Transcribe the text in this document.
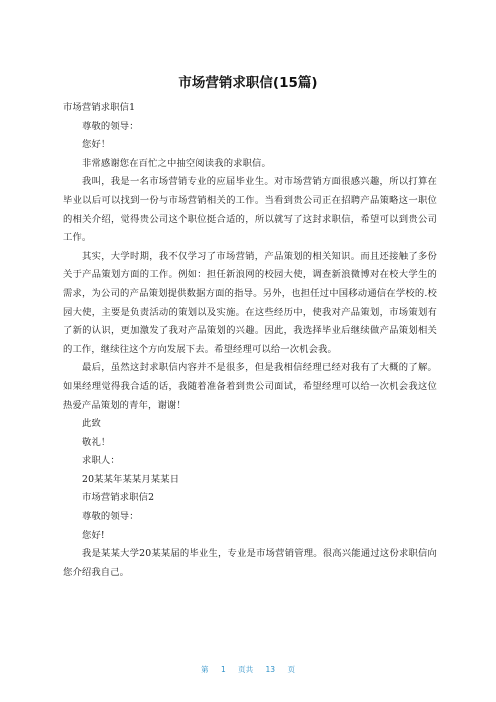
市场营销求职信(15篇)

市场营销求职信1

尊敬的领导：

您好！

非常感谢您在百忙之中抽空阅读我的求职信。

我叫，我是一名市场营销专业的应届毕业生。对市场营销方面很感兴趣，所以打算在毕业以后可以找到一份与市场营销相关的工作。当看到贵公司正在招聘产品策略这一职位的相关介绍，觉得贵公司这个职位挺合适的，所以就写了这封求职信，希望可以到贵公司工作。

其实，大学时期，我不仅学习了市场营销，产品策划的相关知识。而且还接触了多份关于产品策划方面的工作。例如：担任新浪网的校园大使，调查新浪微博对在校大学生的需求，为公司的产品策划提供数据方面的指导。另外，也担任过中国移动通信在学校的.校园大使，主要是负责活动的策划以及实施。在这些经历中，使我对产品策划，市场策划有了新的认识，更加激发了我对产品策划的兴趣。因此，我选择毕业后继续做产品策划相关的工作，继续往这个方向发展下去。希望经理可以给一次机会我。

最后，虽然这封求职信内容并不是很多，但是我相信经理已经对我有了大概的了解。如果经理觉得我合适的话，我随着准备着到贵公司面试，希望经理可以给一次机会我这位热爱产品策划的青年，谢谢！

此致

敬礼！

求职人：

20某某年某某月某某日

市场营销求职信2

尊敬的领导：

您好!

我是某某大学20某某届的毕业生，专业是市场营销管理。很高兴能通过这份求职信向您介绍我自己。

第 1 页共 13 页
